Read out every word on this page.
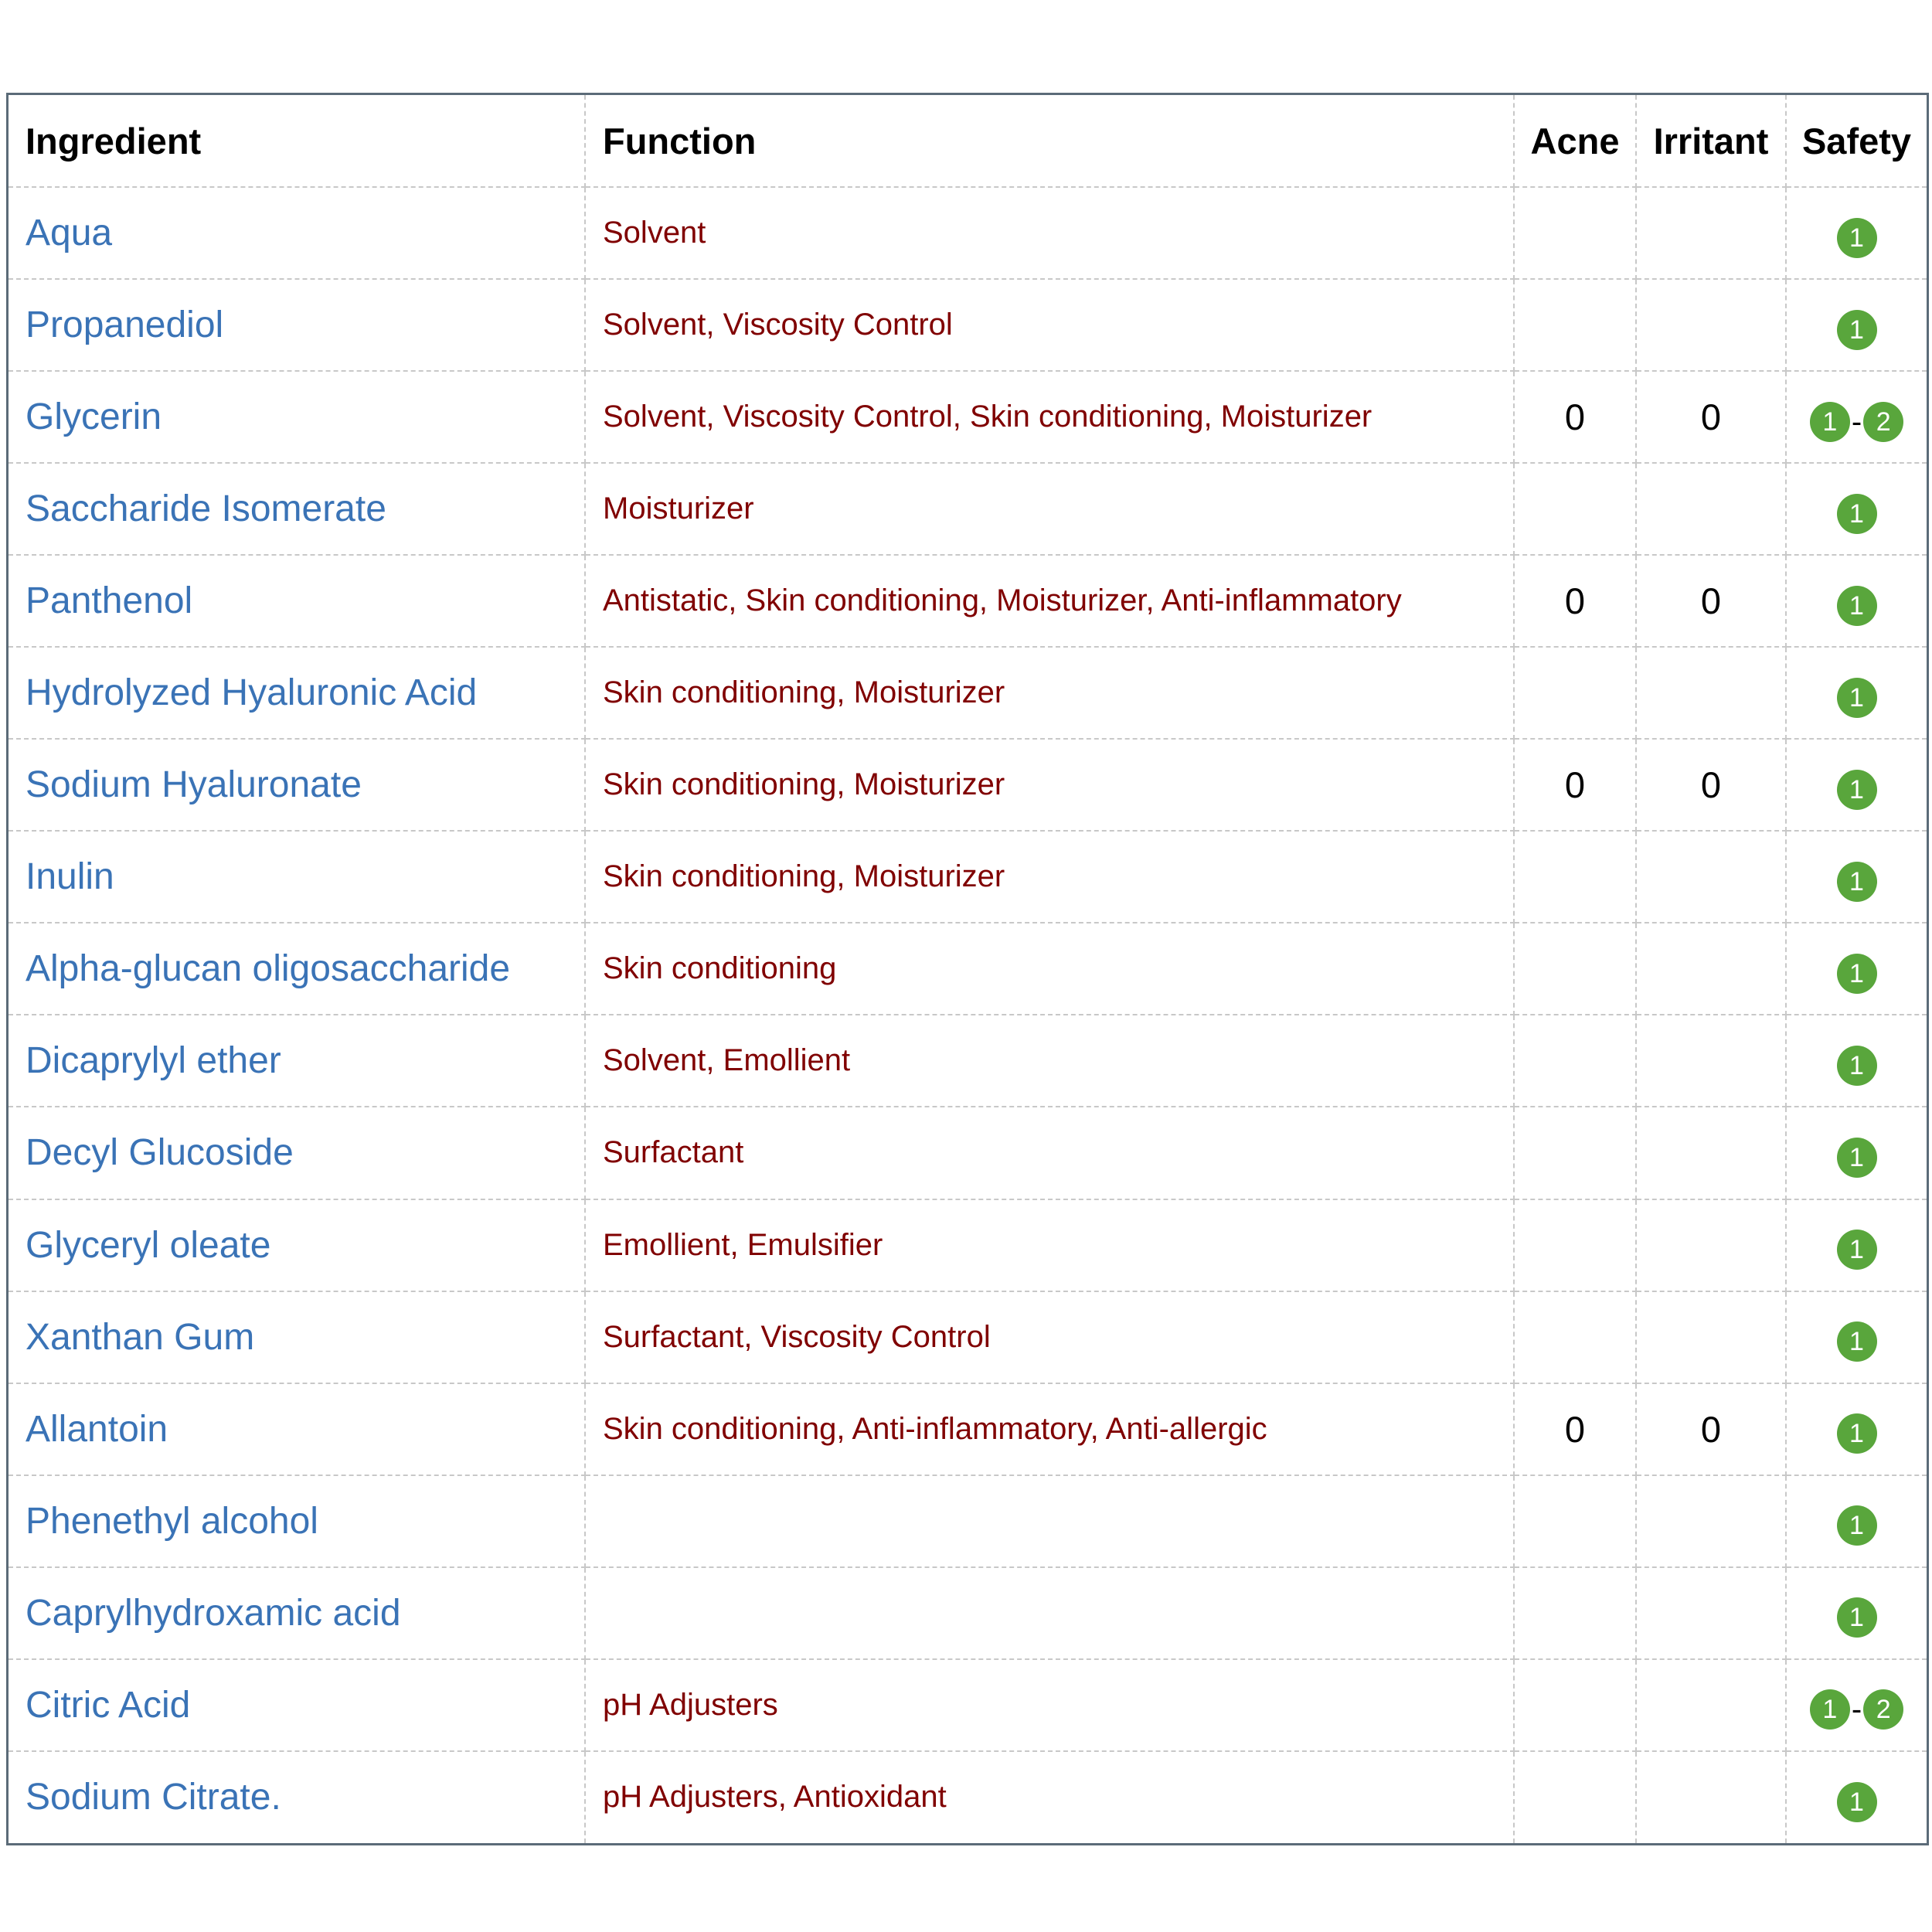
Ingredient	Function	Acne	Irritant	Safety
Aqua	Solvent			1

Propanediol	Solvent, Viscosity Control			1

Glycerin	Solvent, Viscosity Control, Skin conditioning, Moisturizer	0	0	1 - 2

Saccharide Isomerate	Moisturizer			1

Panthenol	Antistatic, Skin conditioning, Moisturizer, Anti-inflammatory	0	0	1

Hydrolyzed Hyaluronic Acid	Skin conditioning, Moisturizer			1

Sodium Hyaluronate	Skin conditioning, Moisturizer	0	0	1

Inulin	Skin conditioning, Moisturizer			1

Alpha-glucan oligosaccharide	Skin conditioning			1

Dicaprylyl ether	Solvent, Emollient			1

Decyl Glucoside	Surfactant			1

Glyceryl oleate	Emollient, Emulsifier			1

Xanthan Gum	Surfactant, Viscosity Control			1

Allantoin	Skin conditioning, Anti-inflammatory, Anti-allergic	0	0	1

Phenethyl alcohol				1

Caprylhydroxamic acid				1

Citric Acid	pH Adjusters			1 - 2

Sodium Citrate.	pH Adjusters, Antioxidant			1
